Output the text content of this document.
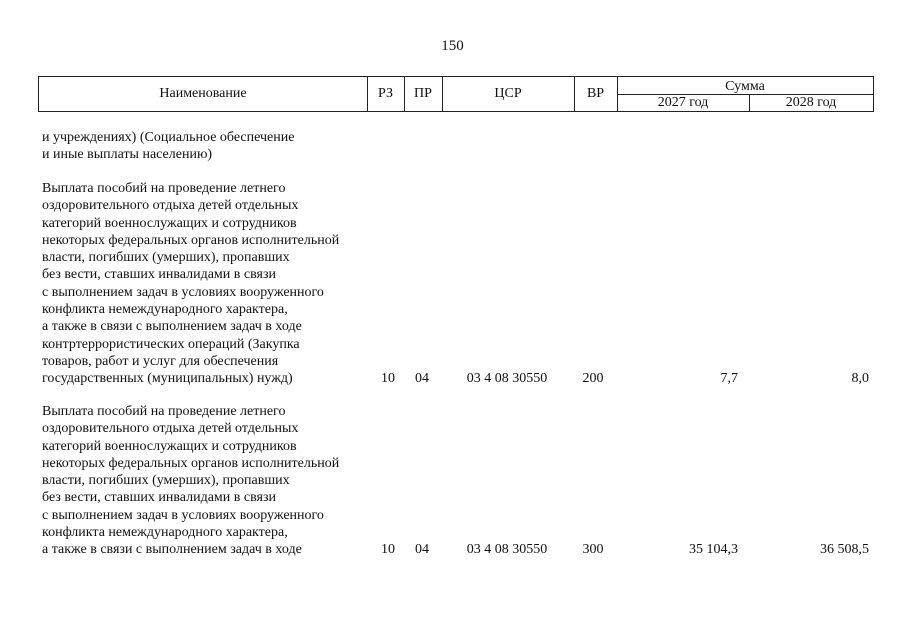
150
Наименование	РЗ	ПР	ЦСР	ВР	Сумма
2027 год	2028 год
и учреждениях) (Социальное обеспечение
и иные выплаты населению)
Выплата пособий на проведение летнего
оздоровительного отдыха детей отдельных
категорий военнослужащих и сотрудников
некоторых федеральных органов исполнительной
власти, погибших (умерших), пропавших
без вести, ставших инвалидами в связи
с выполнением задач в условиях вооруженного
конфликта немеждународного характера,
а также в связи с выполнением задач в ходе
контртеррористических операций (Закупка
товаров, работ и услуг для обеспечения
государственных (муниципальных) нужд)	10	04	03 4 08 30550	200	7,7	8,0
Выплата пособий на проведение летнего
оздоровительного отдыха детей отдельных
категорий военнослужащих и сотрудников
некоторых федеральных органов исполнительной
власти, погибших (умерших), пропавших
без вести, ставших инвалидами в связи
с выполнением задач в условиях вооруженного
конфликта немеждународного характера,
а также в связи с выполнением задач в ходе	10	04	03 4 08 30550	300	35 104,3	36 508,5
